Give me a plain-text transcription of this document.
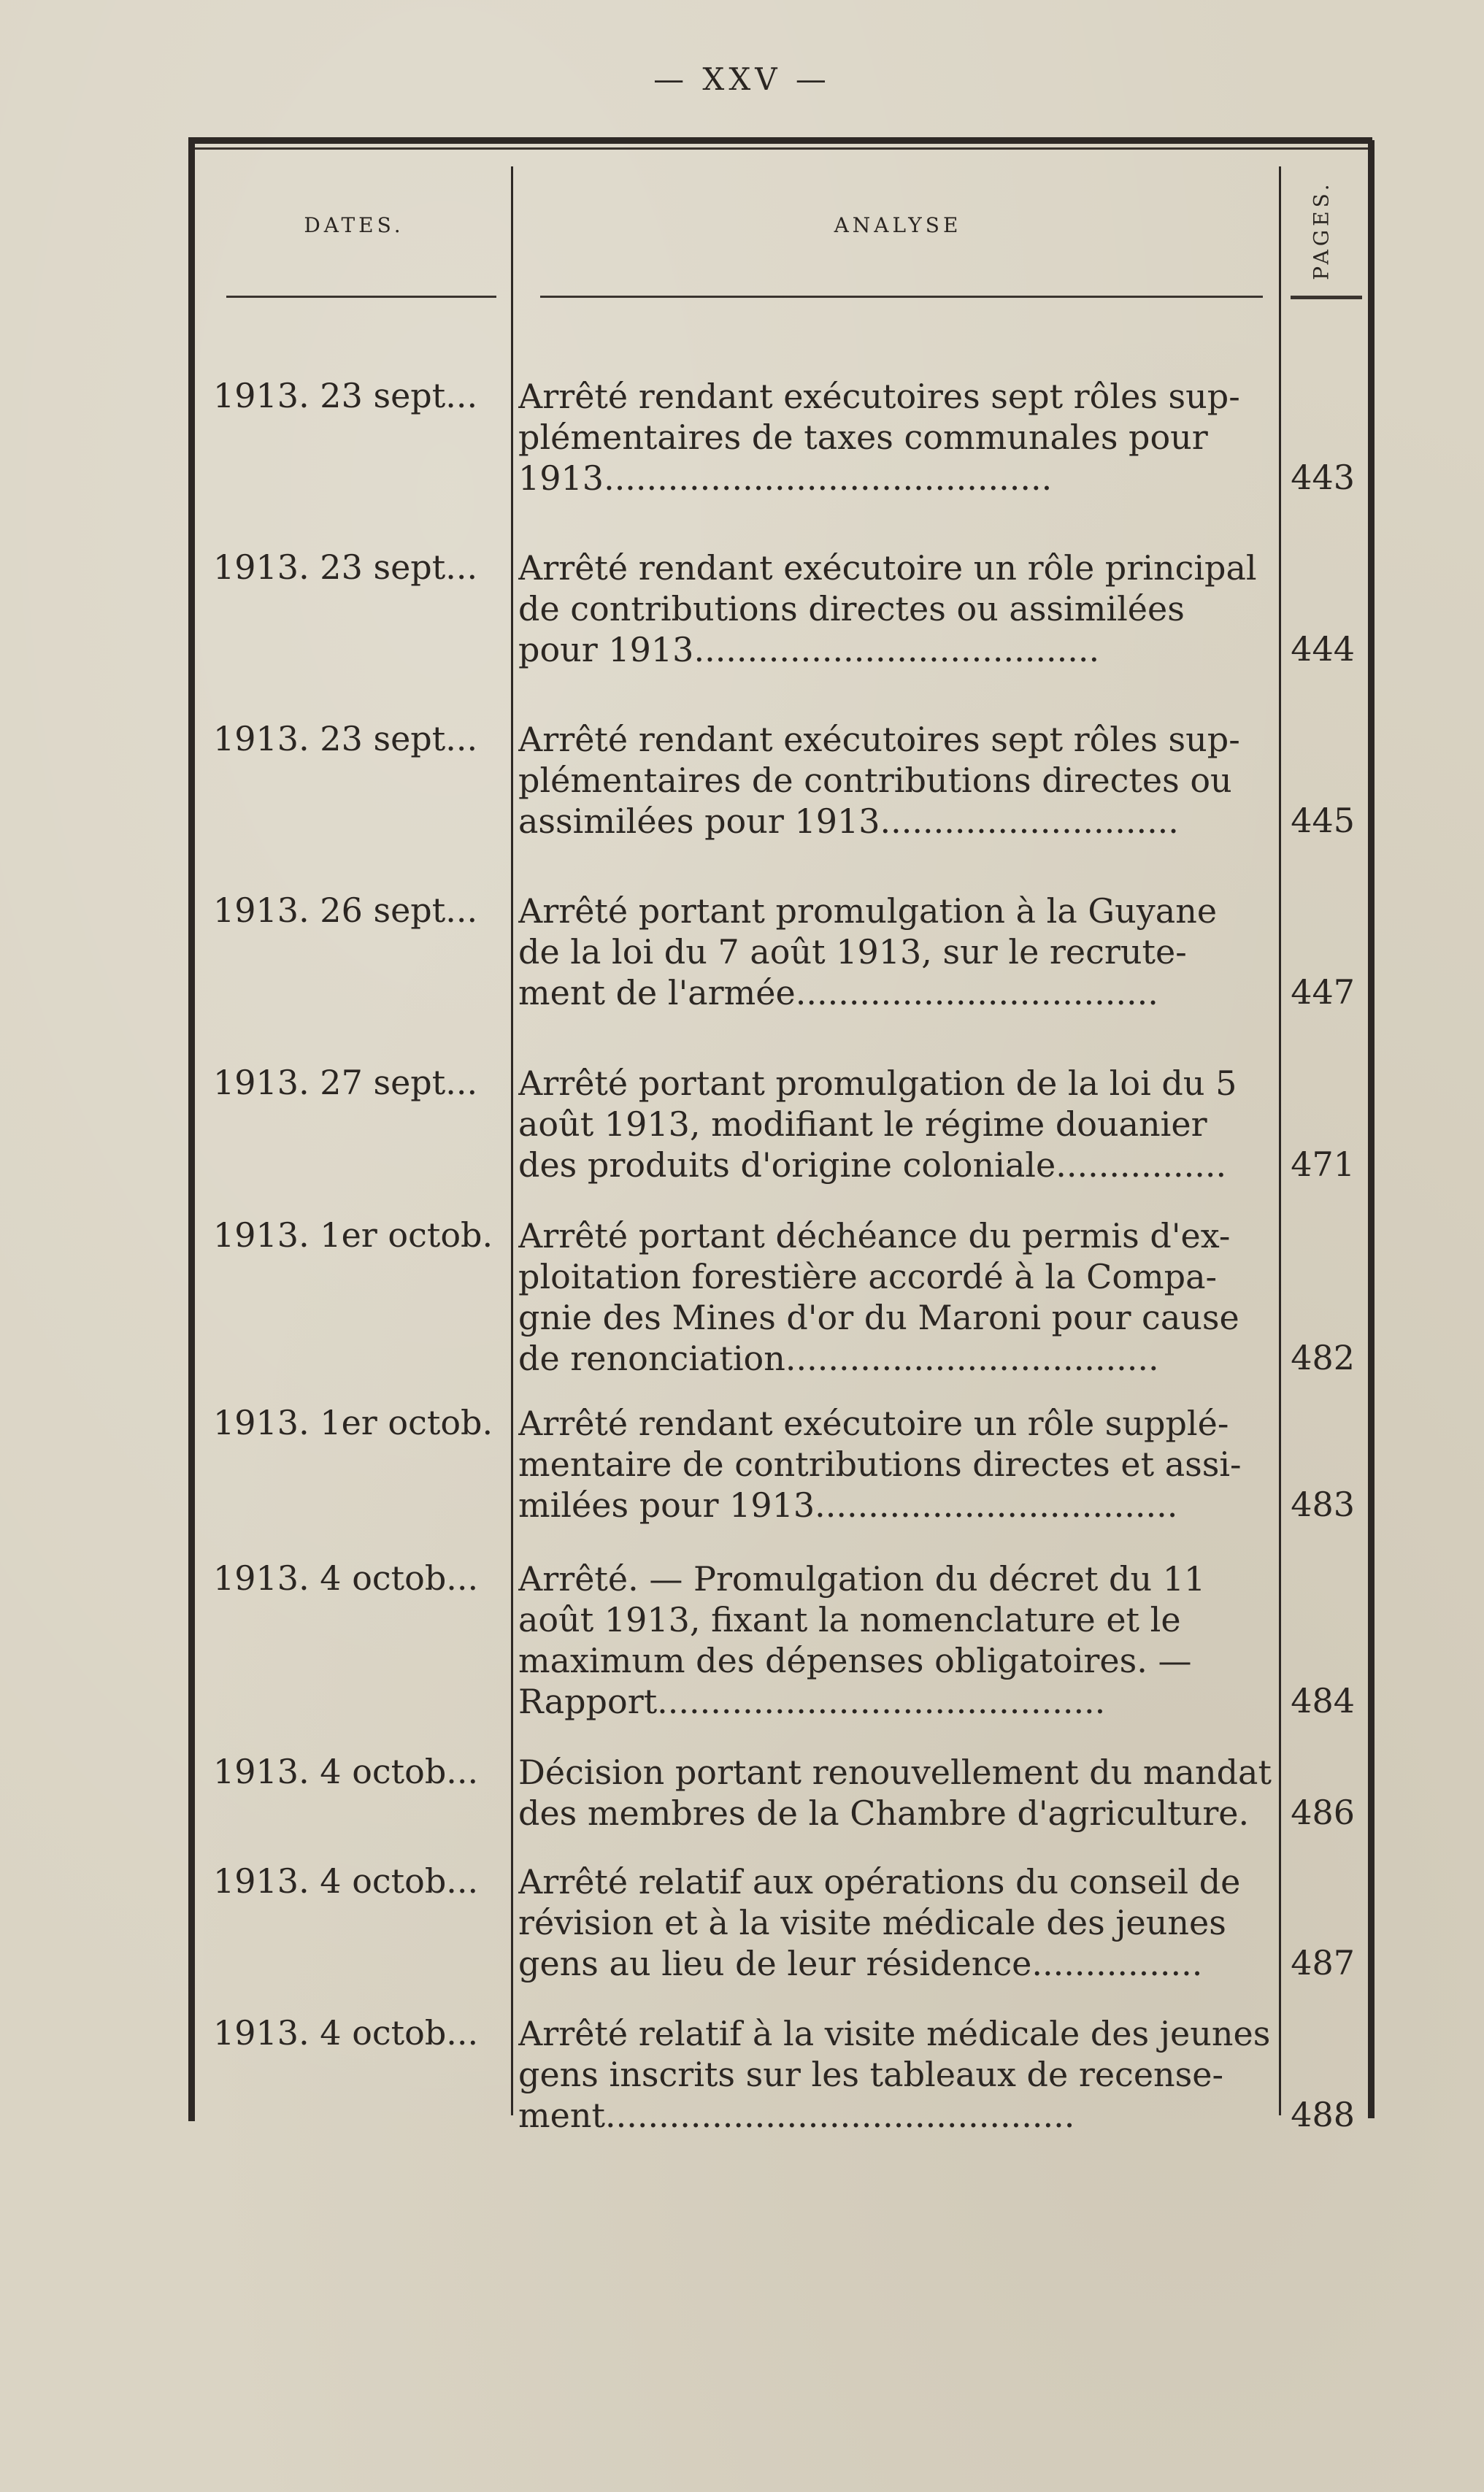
— XXV —
DATES.	ANALYSE	PAGES.
1913. 23 sept... Arrêté rendant exécutoires sept rôles sup-
plémentaires de taxes communales pour
1913..........................................	443
1913. 23 sept... Arrêté rendant exécutoire un rôle principal
de contributions directes ou assimilées
pour 1913......................................	444
1913. 23 sept... Arrêté rendant exécutoires sept rôles sup-
plémentaires de contributions directes ou
assimilées pour 1913............................	445
1913. 26 sept... Arrêté portant promulgation à la Guyane
de la loi du 7 août 1913, sur le recrute-
ment de l'armée..................................	447
1913. 27 sept... Arrêté portant promulgation de la loi du 5
août 1913, modifiant le régime douanier
des produits d'origine coloniale................	471
1913. 1er octob. Arrêté portant déchéance du permis d'ex-
ploitation forestière accordé à la Compa-
gnie des Mines d'or du Maroni pour cause
de renonciation...................................	482
1913. 1er octob. Arrêté rendant exécutoire un rôle supplé-
mentaire de contributions directes et assi-
milées pour 1913..................................	483
1913. 4 octob... Arrêté. — Promulgation du décret du 11
août 1913, fixant la nomenclature et le
maximum des dépenses obligatoires. —
Rapport..........................................	484
1913. 4 octob... Décision portant renouvellement du mandat
des membres de la Chambre d'agriculture.	486
1913. 4 octob... Arrêté relatif aux opérations du conseil de
révision et à la visite médicale des jeunes
gens au lieu de leur résidence................	487
1913. 4 octob... Arrêté relatif à la visite médicale des jeunes
gens inscrits sur les tableaux de recense-
ment............................................	488
